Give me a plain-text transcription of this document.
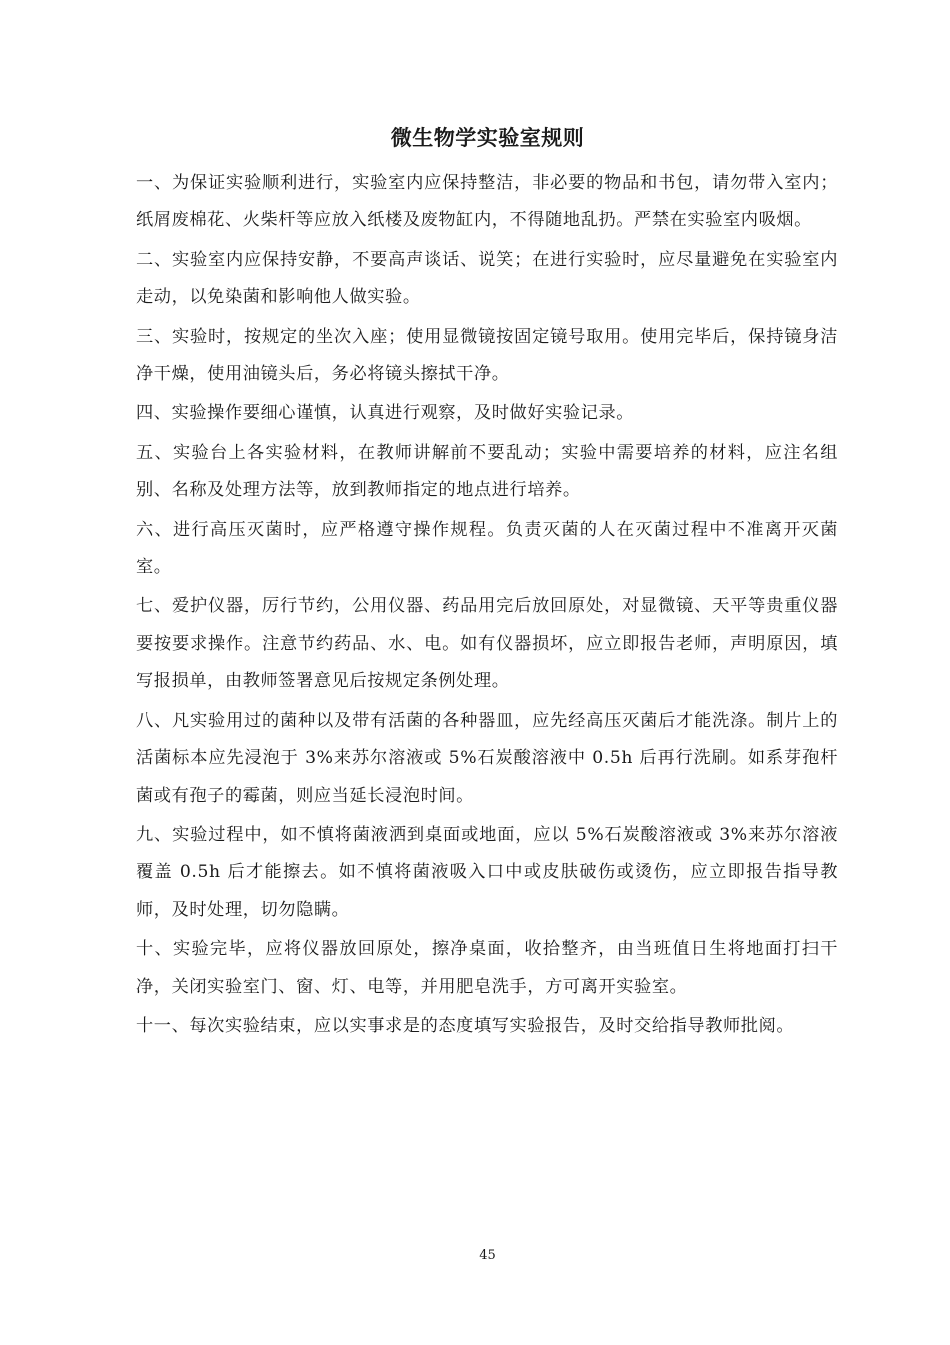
微生物学实验室规则
一、为保证实验顺利进行，实验室内应保持整洁，非必要的物品和书包，请勿带入室内；纸屑废棉花、火柴杆等应放入纸楼及废物缸内，不得随地乱扔。严禁在实验室内吸烟。
二、实验室内应保持安静，不要高声谈话、说笑；在进行实验时，应尽量避免在实验室内走动，以免染菌和影响他人做实验。
三、实验时，按规定的坐次入座；使用显微镜按固定镜号取用。使用完毕后，保持镜身洁净干燥，使用油镜头后，务必将镜头擦拭干净。
四、实验操作要细心谨慎，认真进行观察，及时做好实验记录。
五、实验台上各实验材料，在教师讲解前不要乱动；实验中需要培养的材料，应注名组别、名称及处理方法等，放到教师指定的地点进行培养。
六、进行高压灭菌时，应严格遵守操作规程。负责灭菌的人在灭菌过程中不准离开灭菌室。
七、爱护仪器，厉行节约，公用仪器、药品用完后放回原处，对显微镜、天平等贵重仪器要按要求操作。注意节约药品、水、电。如有仪器损坏，应立即报告老师，声明原因，填写报损单，由教师签署意见后按规定条例处理。
八、凡实验用过的菌种以及带有活菌的各种器皿，应先经高压灭菌后才能洗涤。制片上的活菌标本应先浸泡于 3%来苏尔溶液或 5%石炭酸溶液中 0.5h 后再行洗刷。如系芽孢杆菌或有孢子的霉菌，则应当延长浸泡时间。
九、实验过程中，如不慎将菌液洒到桌面或地面，应以 5%石炭酸溶液或 3%来苏尔溶液覆盖 0.5h 后才能擦去。如不慎将菌液吸入口中或皮肤破伤或烫伤，应立即报告指导教师，及时处理，切勿隐瞒。
十、实验完毕，应将仪器放回原处，擦净桌面，收拾整齐，由当班值日生将地面打扫干净，关闭实验室门、窗、灯、电等，并用肥皂洗手，方可离开实验室。
十一、每次实验结束，应以实事求是的态度填写实验报告，及时交给指导教师批阅。
45
